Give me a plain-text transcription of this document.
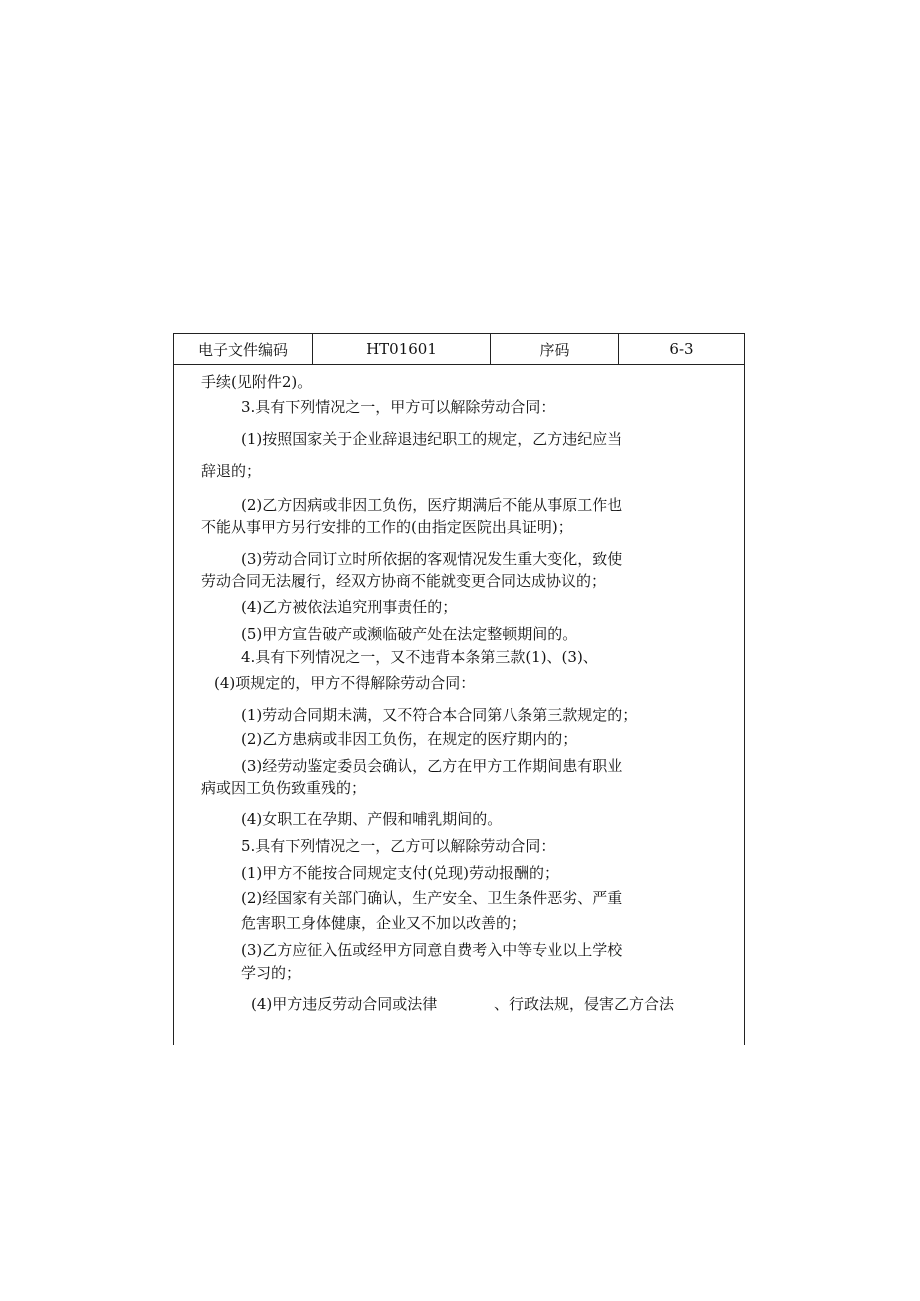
电子文件编码	HT01601	序码	6-3
手续(见附件2)。
3.具有下列情况之一，甲方可以解除劳动合同：
(1)按照国家关于企业辞退违纪职工的规定，乙方违纪应当
辞退的；
(2)乙方因病或非因工负伤，医疗期满后不能从事原工作也
不能从事甲方另行安排的工作的(由指定医院出具证明)；
(3)劳动合同订立时所依据的客观情况发生重大变化，致使
劳动合同无法履行，经双方协商不能就变更合同达成协议的；
(4)乙方被依法追究刑事责任的；
(5)甲方宣告破产或濒临破产处在法定整顿期间的。
4.具有下列情况之一，又不违背本条第三款(1)、(3)、
(4)项规定的，甲方不得解除劳动合同：
(1)劳动合同期未满，又不符合本合同第八条第三款规定的；
(2)乙方患病或非因工负伤，在规定的医疗期内的；
(3)经劳动鉴定委员会确认，乙方在甲方工作期间患有职业
病或因工负伤致重残的；
(4)女职工在孕期、产假和哺乳期间的。
5.具有下列情况之一，乙方可以解除劳动合同：
(1)甲方不能按合同规定支付(兑现)劳动报酬的；
(2)经国家有关部门确认，生产安全、卫生条件恶劣、严重
危害职工身体健康，企业又不加以改善的；
(3)乙方应征入伍或经甲方同意自费考入中等专业以上学校
学习的；
(4)甲方违反劳动合同或法律	、行政法规，侵害乙方合法
